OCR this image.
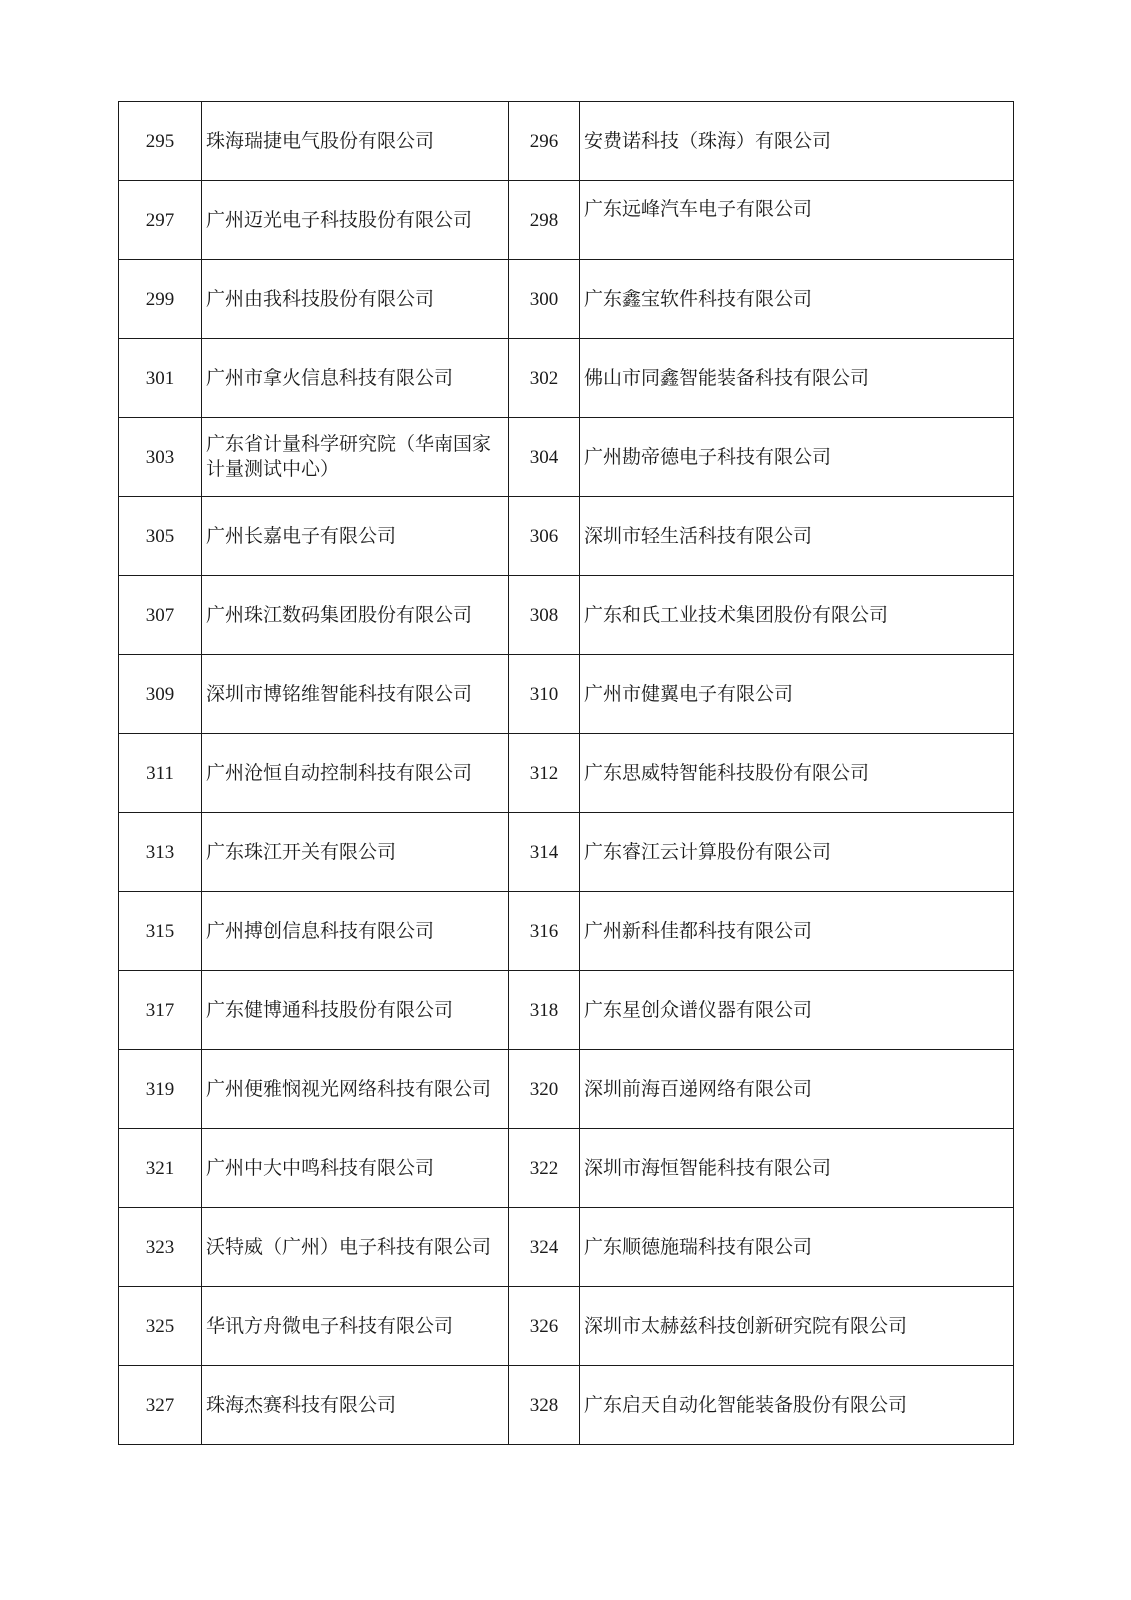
295	珠海瑞捷电气股份有限公司	296	安费诺科技（珠海）有限公司
297	广州迈光电子科技股份有限公司	298	广东远峰汽车电子有限公司
299	广州由我科技股份有限公司	300	广东鑫宝软件科技有限公司
301	广州市拿火信息科技有限公司	302	佛山市同鑫智能装备科技有限公司
303	广东省计量科学研究院（华南国家计量测试中心）	304	广州勘帝德电子科技有限公司
305	广州长嘉电子有限公司	306	深圳市轻生活科技有限公司
307	广州珠江数码集团股份有限公司	308	广东和氏工业技术集团股份有限公司
309	深圳市博铭维智能科技有限公司	310	广州市健翼电子有限公司
311	广州沧恒自动控制科技有限公司	312	广东思威特智能科技股份有限公司
313	广东珠江开关有限公司	314	广东睿江云计算股份有限公司
315	广州搏创信息科技有限公司	316	广州新科佳都科技有限公司
317	广东健博通科技股份有限公司	318	广东星创众谱仪器有限公司
319	广州便雅悯视光网络科技有限公司	320	深圳前海百递网络有限公司
321	广州中大中鸣科技有限公司	322	深圳市海恒智能科技有限公司
323	沃特威（广州）电子科技有限公司	324	广东顺德施瑞科技有限公司
325	华讯方舟微电子科技有限公司	326	深圳市太赫兹科技创新研究院有限公司
327	珠海杰赛科技有限公司	328	广东启天自动化智能装备股份有限公司
